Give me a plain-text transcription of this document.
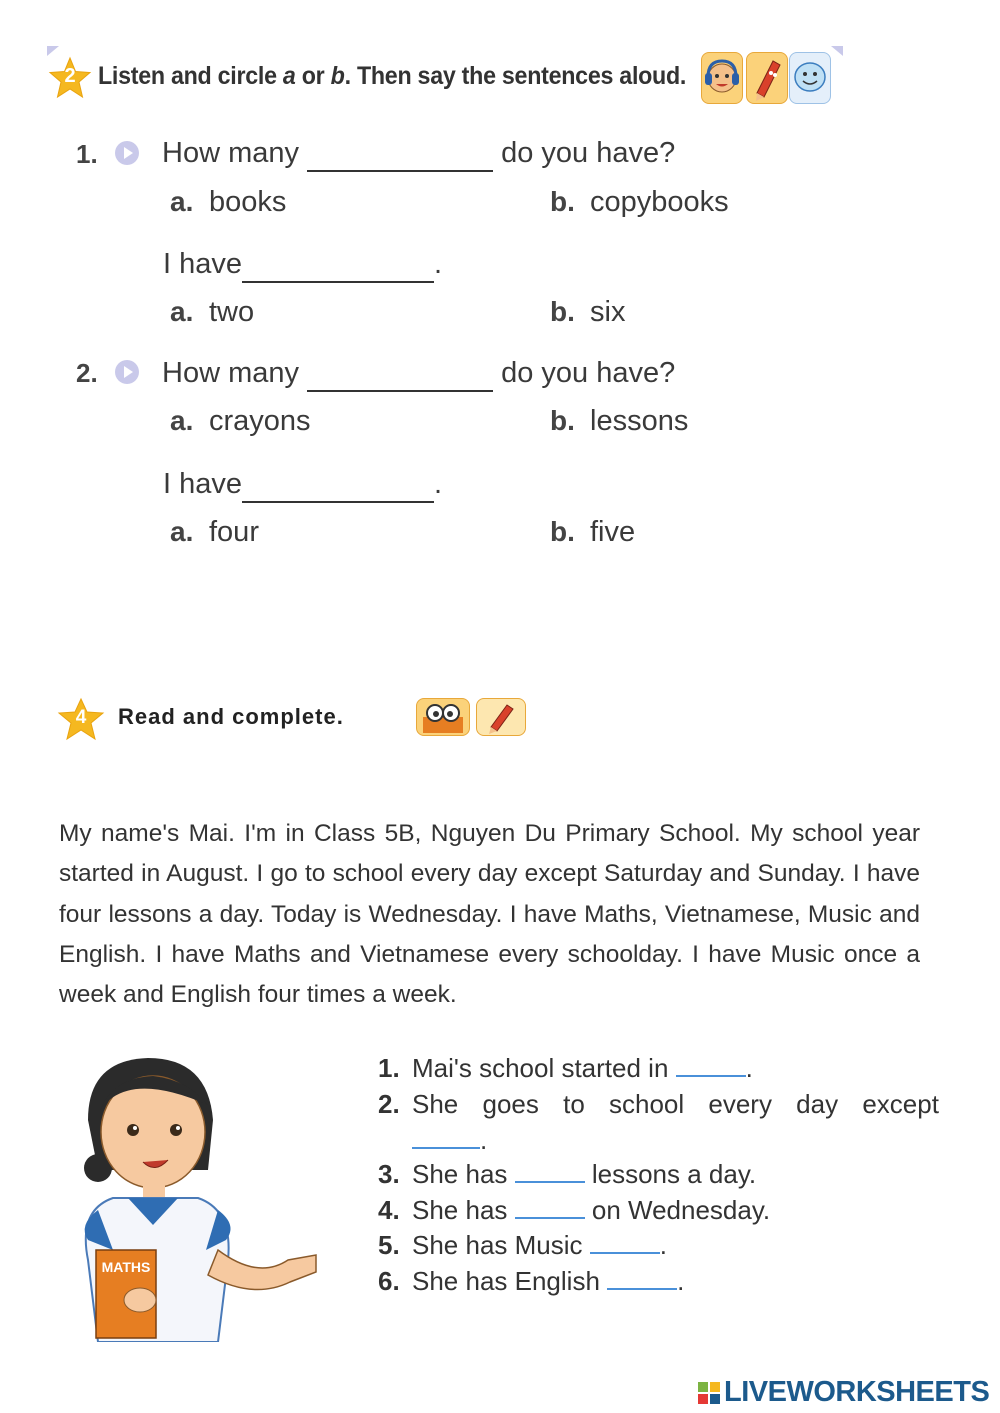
2 Listen and circle a or b. Then say the sentences aloud.
1. How many	do you have?
a. books	b. copybooks
I have	.
a. two	b. six
2. How many	do you have?
a. crayons	b. lessons
I have	.
a. four	b. five
4	Read and complete.
My name's Mai. I'm in Class 5B, Nguyen Du Primary School. My school year started in August. I go to school every day except Saturday and Sunday. I have four lessons a day. Today is Wednesday. I have Maths, Vietnamese, Music and English. I have Maths and Vietnamese every schoolday. I have Music once a week and English four times a week.
MATHS
1. Mai's school started in	.
2. She goes to school every day except
.
3. She has	lessons a day.
4. She has	on Wednesday.
5. She has Music	.
6. She has English	.
LIVEWORKSHEETS
